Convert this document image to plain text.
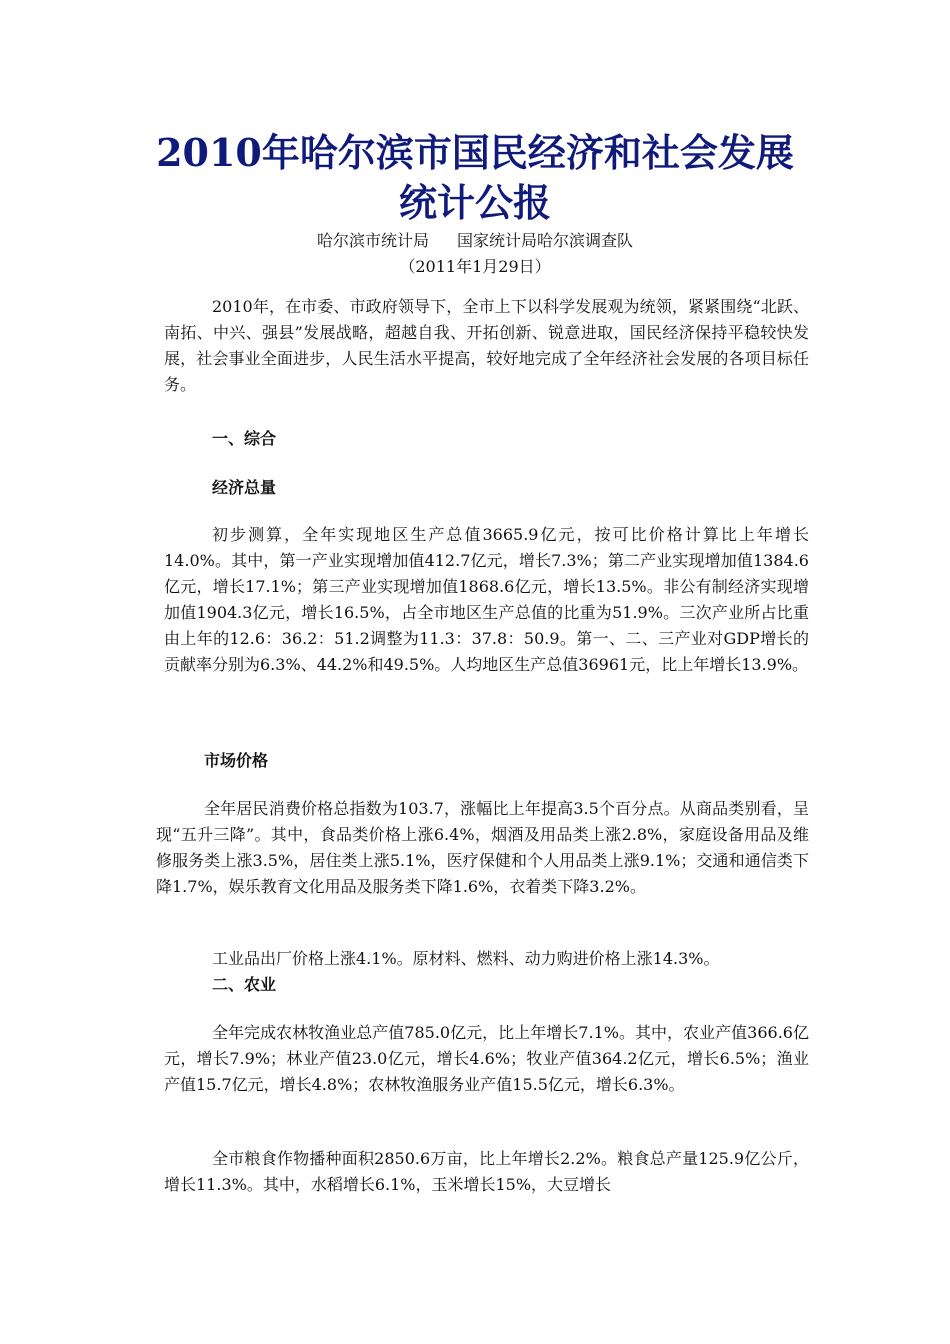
2010年哈尔滨市国民经济和社会发展
统计公报
哈尔滨市统计局 国家统计局哈尔滨调查队
（2011年1月29日）

2010年，在市委、市政府领导下，全市上下以科学发展观为统领，紧紧围绕“北跃、南拓、中兴、强县”发展战略，超越自我、开拓创新、锐意进取，国民经济保持平稳较快发展，社会事业全面进步，人民生活水平提高，较好地完成了全年经济社会发展的各项目标任务。

一、综合
经济总量

初步测算，全年实现地区生产总值3665.9亿元，按可比价格计算比上年增长14.0%。其中，第一产业实现增加值412.7亿元，增长7.3%；第二产业实现增加值1384.6亿元，增长17.1%；第三产业实现增加值1868.6亿元，增长13.5%。非公有制经济实现增加值1904.3亿元，增长16.5%，占全市地区生产总值的比重为51.9%。三次产业所占比重由上年的12.6：36.2：51.2调整为11.3：37.8：50.9。第一、二、三产业对GDP增长的贡献率分别为6.3%、44.2%和49.5%。人均地区生产总值36961元，比上年增长13.9%。

市场价格

全年居民消费价格总指数为103.7，涨幅比上年提高3.5个百分点。从商品类别看，呈现“五升三降”。其中，食品类价格上涨6.4%，烟酒及用品类上涨2.8%，家庭设备用品及维修服务类上涨3.5%，居住类上涨5.1%，医疗保健和个人用品类上涨9.1%；交通和通信类下降1.7%，娱乐教育文化用品及服务类下降1.6%，衣着类下降3.2%。

工业品出厂价格上涨4.1%。原材料、燃料、动力购进价格上涨14.3%。

二、农业

全年完成农林牧渔业总产值785.0亿元，比上年增长7.1%。其中，农业产值366.6亿元，增长7.9%；林业产值23.0亿元，增长4.6%；牧业产值364.2亿元，增长6.5%；渔业产值15.7亿元，增长4.8%；农林牧渔服务业产值15.5亿元，增长6.3%。

全市粮食作物播种面积2850.6万亩，比上年增长2.2%。粮食总产量125.9亿公斤，增长11.3%。其中，水稻增长6.1%，玉米增长15%，大豆增长
